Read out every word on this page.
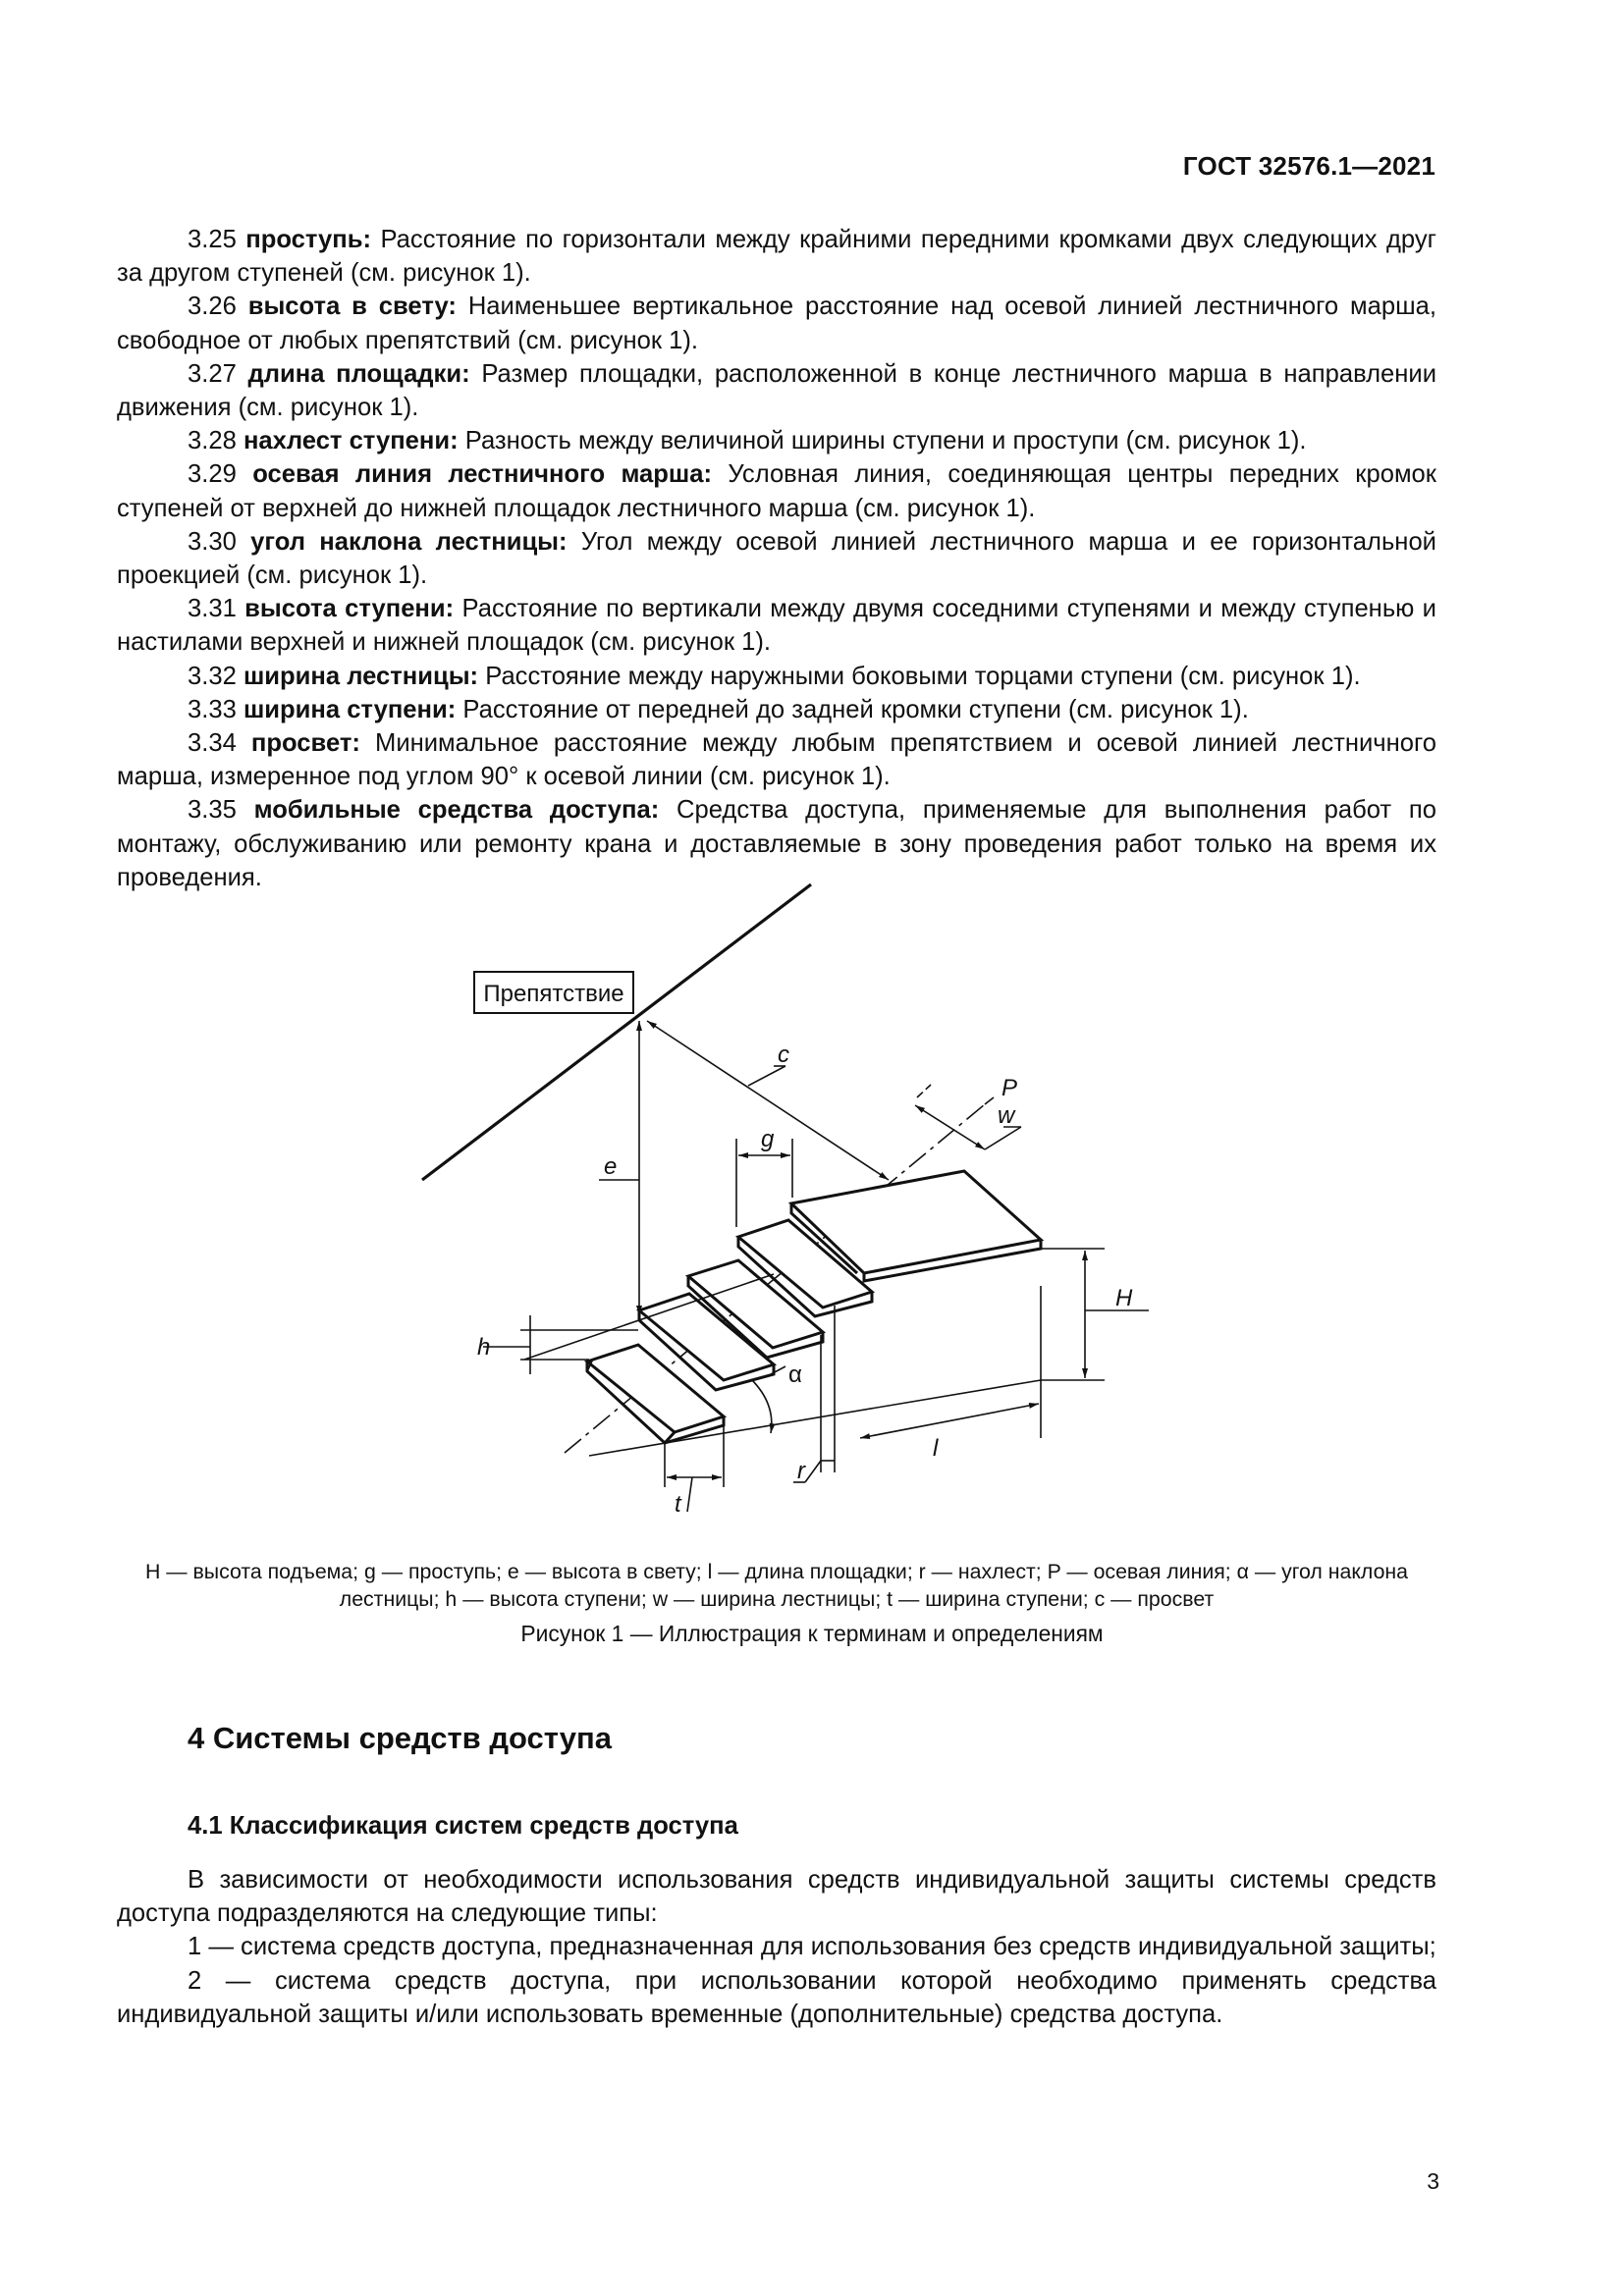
ГОСТ 32576.1—2021

3.25 проступь: Расстояние по горизонтали между крайними передними кромками двух следующих друг за другом ступеней (см. рисунок 1).

3.26 высота в свету: Наименьшее вертикальное расстояние над осевой линией лестничного марша, свободное от любых препятствий (см. рисунок 1).

3.27 длина площадки: Размер площадки, расположенной в конце лестничного марша в направлении движения (см. рисунок 1).

3.28 нахлест ступени: Разность между величиной ширины ступени и проступи (см. рисунок 1).

3.29 осевая линия лестничного марша: Условная линия, соединяющая центры передних кромок ступеней от верхней до нижней площадок лестничного марша (см. рисунок 1).

3.30 угол наклона лестницы: Угол между осевой линией лестничного марша и ее горизонтальной проекцией (см. рисунок 1).

3.31 высота ступени: Расстояние по вертикали между двумя соседними ступенями и между ступенью и настилами верхней и нижней площадок (см. рисунок 1).

3.32 ширина лестницы: Расстояние между наружными боковыми торцами ступени (см. рисунок 1).

3.33 ширина ступени: Расстояние от передней до задней кромки ступени (см. рисунок 1).

3.34 просвет: Минимальное расстояние между любым препятствием и осевой линией лестничного марша, измеренное под углом 90° к осевой линии (см. рисунок 1).

3.35 мобильные средства доступа: Средства доступа, применяемые для выполнения работ по монтажу, обслуживанию или ремонту крана и доставляемые в зону проведения работ только на время их проведения.

Препятствие
c
P
w
g
e
H
h
α
l
r
t
H — высота подъема; g — проступь; e — высота в свету; l — длина площадки; r — нахлест; P — осевая линия; α — угол наклона лестницы; h — высота ступени; w — ширина лестницы; t — ширина ступени; c — просвет
Рисунок 1 — Иллюстрация к терминам и определениям
4 Системы средств доступа
4.1 Классификация систем средств доступа

В зависимости от необходимости использования средств индивидуальной защиты системы средств доступа подразделяются на следующие типы:

1 — система средств доступа, предназначенная для использования без средств индивидуальной защиты;

2 — система средств доступа, при использовании которой необходимо применять средства индивидуальной защиты и/или использовать временные (дополнительные) средства доступа.

3
